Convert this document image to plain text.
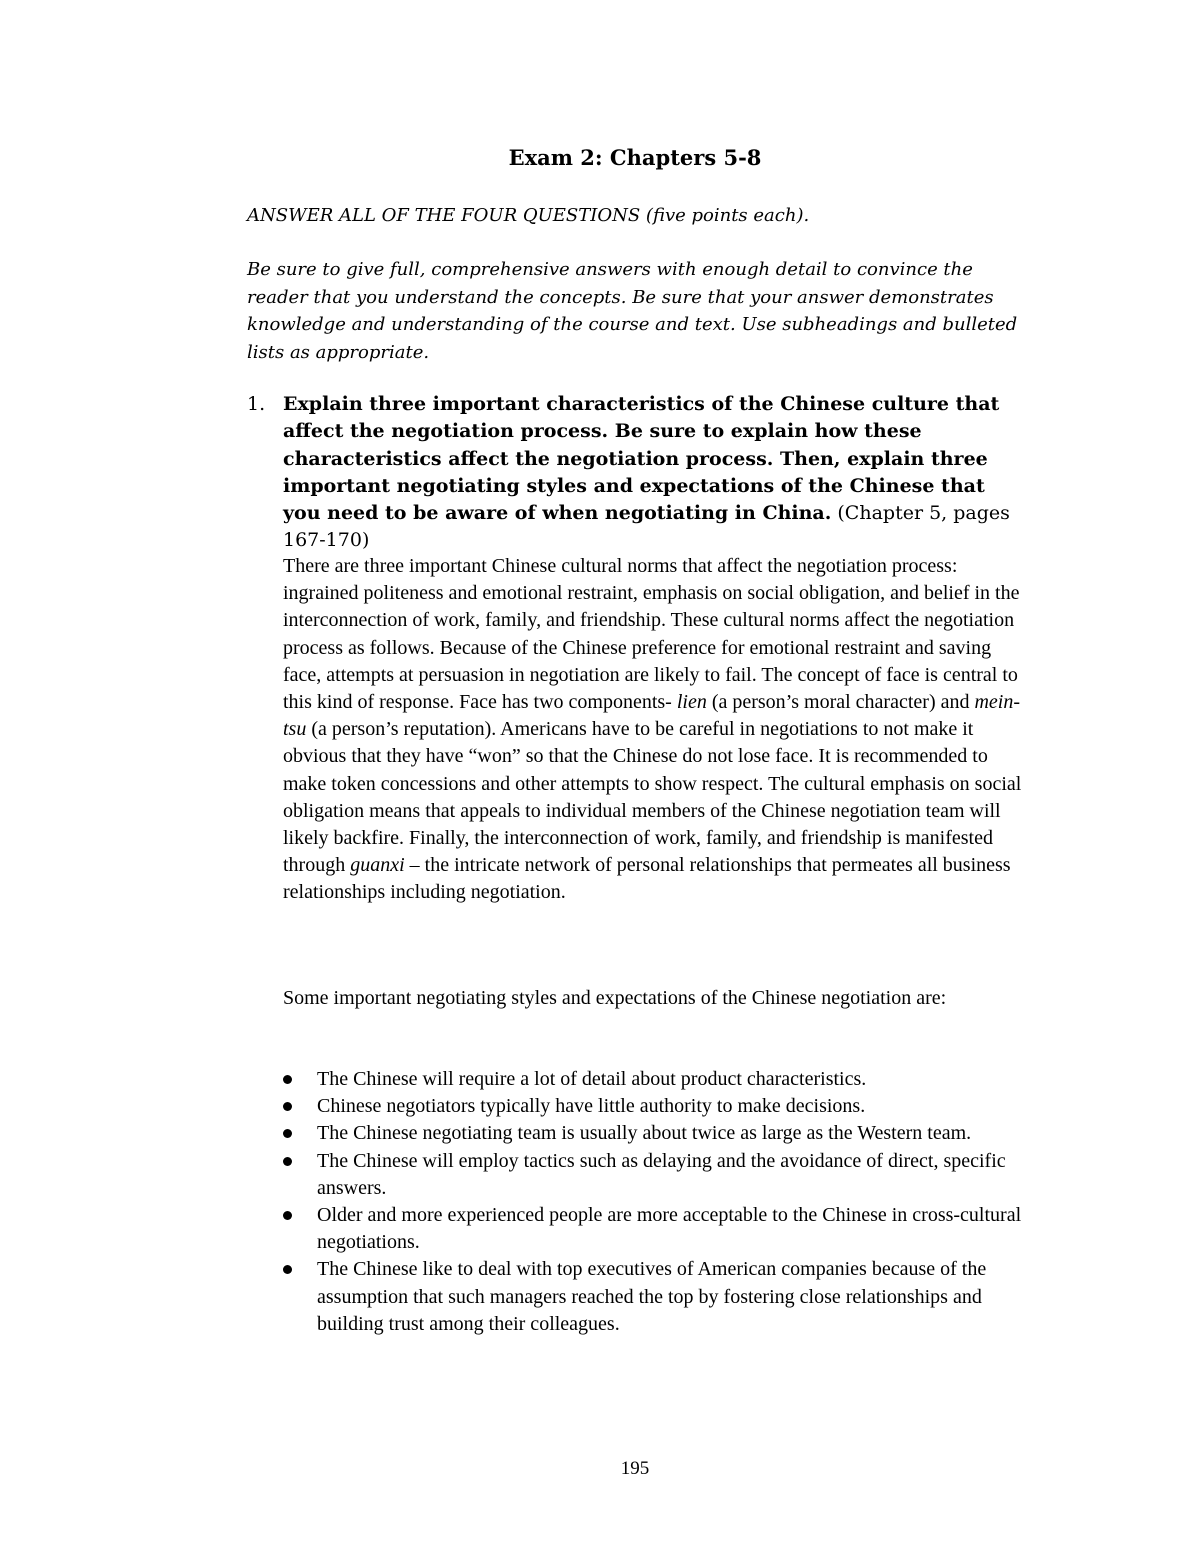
Exam 2: Chapters 5-8

ANSWER ALL OF THE FOUR QUESTIONS (five points each).

Be sure to give full, comprehensive answers with enough detail to convince the reader that you understand the concepts. Be sure that your answer demonstrates knowledge and understanding of the course and text. Use subheadings and bulleted lists as appropriate.

1. Explain three important characteristics of the Chinese culture that affect the negotiation process. Be sure to explain how these characteristics affect the negotiation process. Then, explain three important negotiating styles and expectations of the Chinese that you need to be aware of when negotiating in China. (Chapter 5, pages 167-170)

There are three important Chinese cultural norms that affect the negotiation process: ingrained politeness and emotional restraint, emphasis on social obligation, and belief in the interconnection of work, family, and friendship. These cultural norms affect the negotiation process as follows. Because of the Chinese preference for emotional restraint and saving face, attempts at persuasion in negotiation are likely to fail. The concept of face is central to this kind of response. Face has two components- lien (a person’s moral character) and mein-tsu (a person’s reputation). Americans have to be careful in negotiations to not make it obvious that they have “won” so that the Chinese do not lose face. It is recommended to make token concessions and other attempts to show respect. The cultural emphasis on social obligation means that appeals to individual members of the Chinese negotiation team will likely backfire. Finally, the interconnection of work, family, and friendship is manifested through guanxi – the intricate network of personal relationships that permeates all business relationships including negotiation.

Some important negotiating styles and expectations of the Chinese negotiation are:

The Chinese will require a lot of detail about product characteristics.
Chinese negotiators typically have little authority to make decisions.
The Chinese negotiating team is usually about twice as large as the Western team.
The Chinese will employ tactics such as delaying and the avoidance of direct, specific answers.
Older and more experienced people are more acceptable to the Chinese in cross-cultural negotiations.
The Chinese like to deal with top executives of American companies because of the assumption that such managers reached the top by fostering close relationships and building trust among their colleagues.
195
